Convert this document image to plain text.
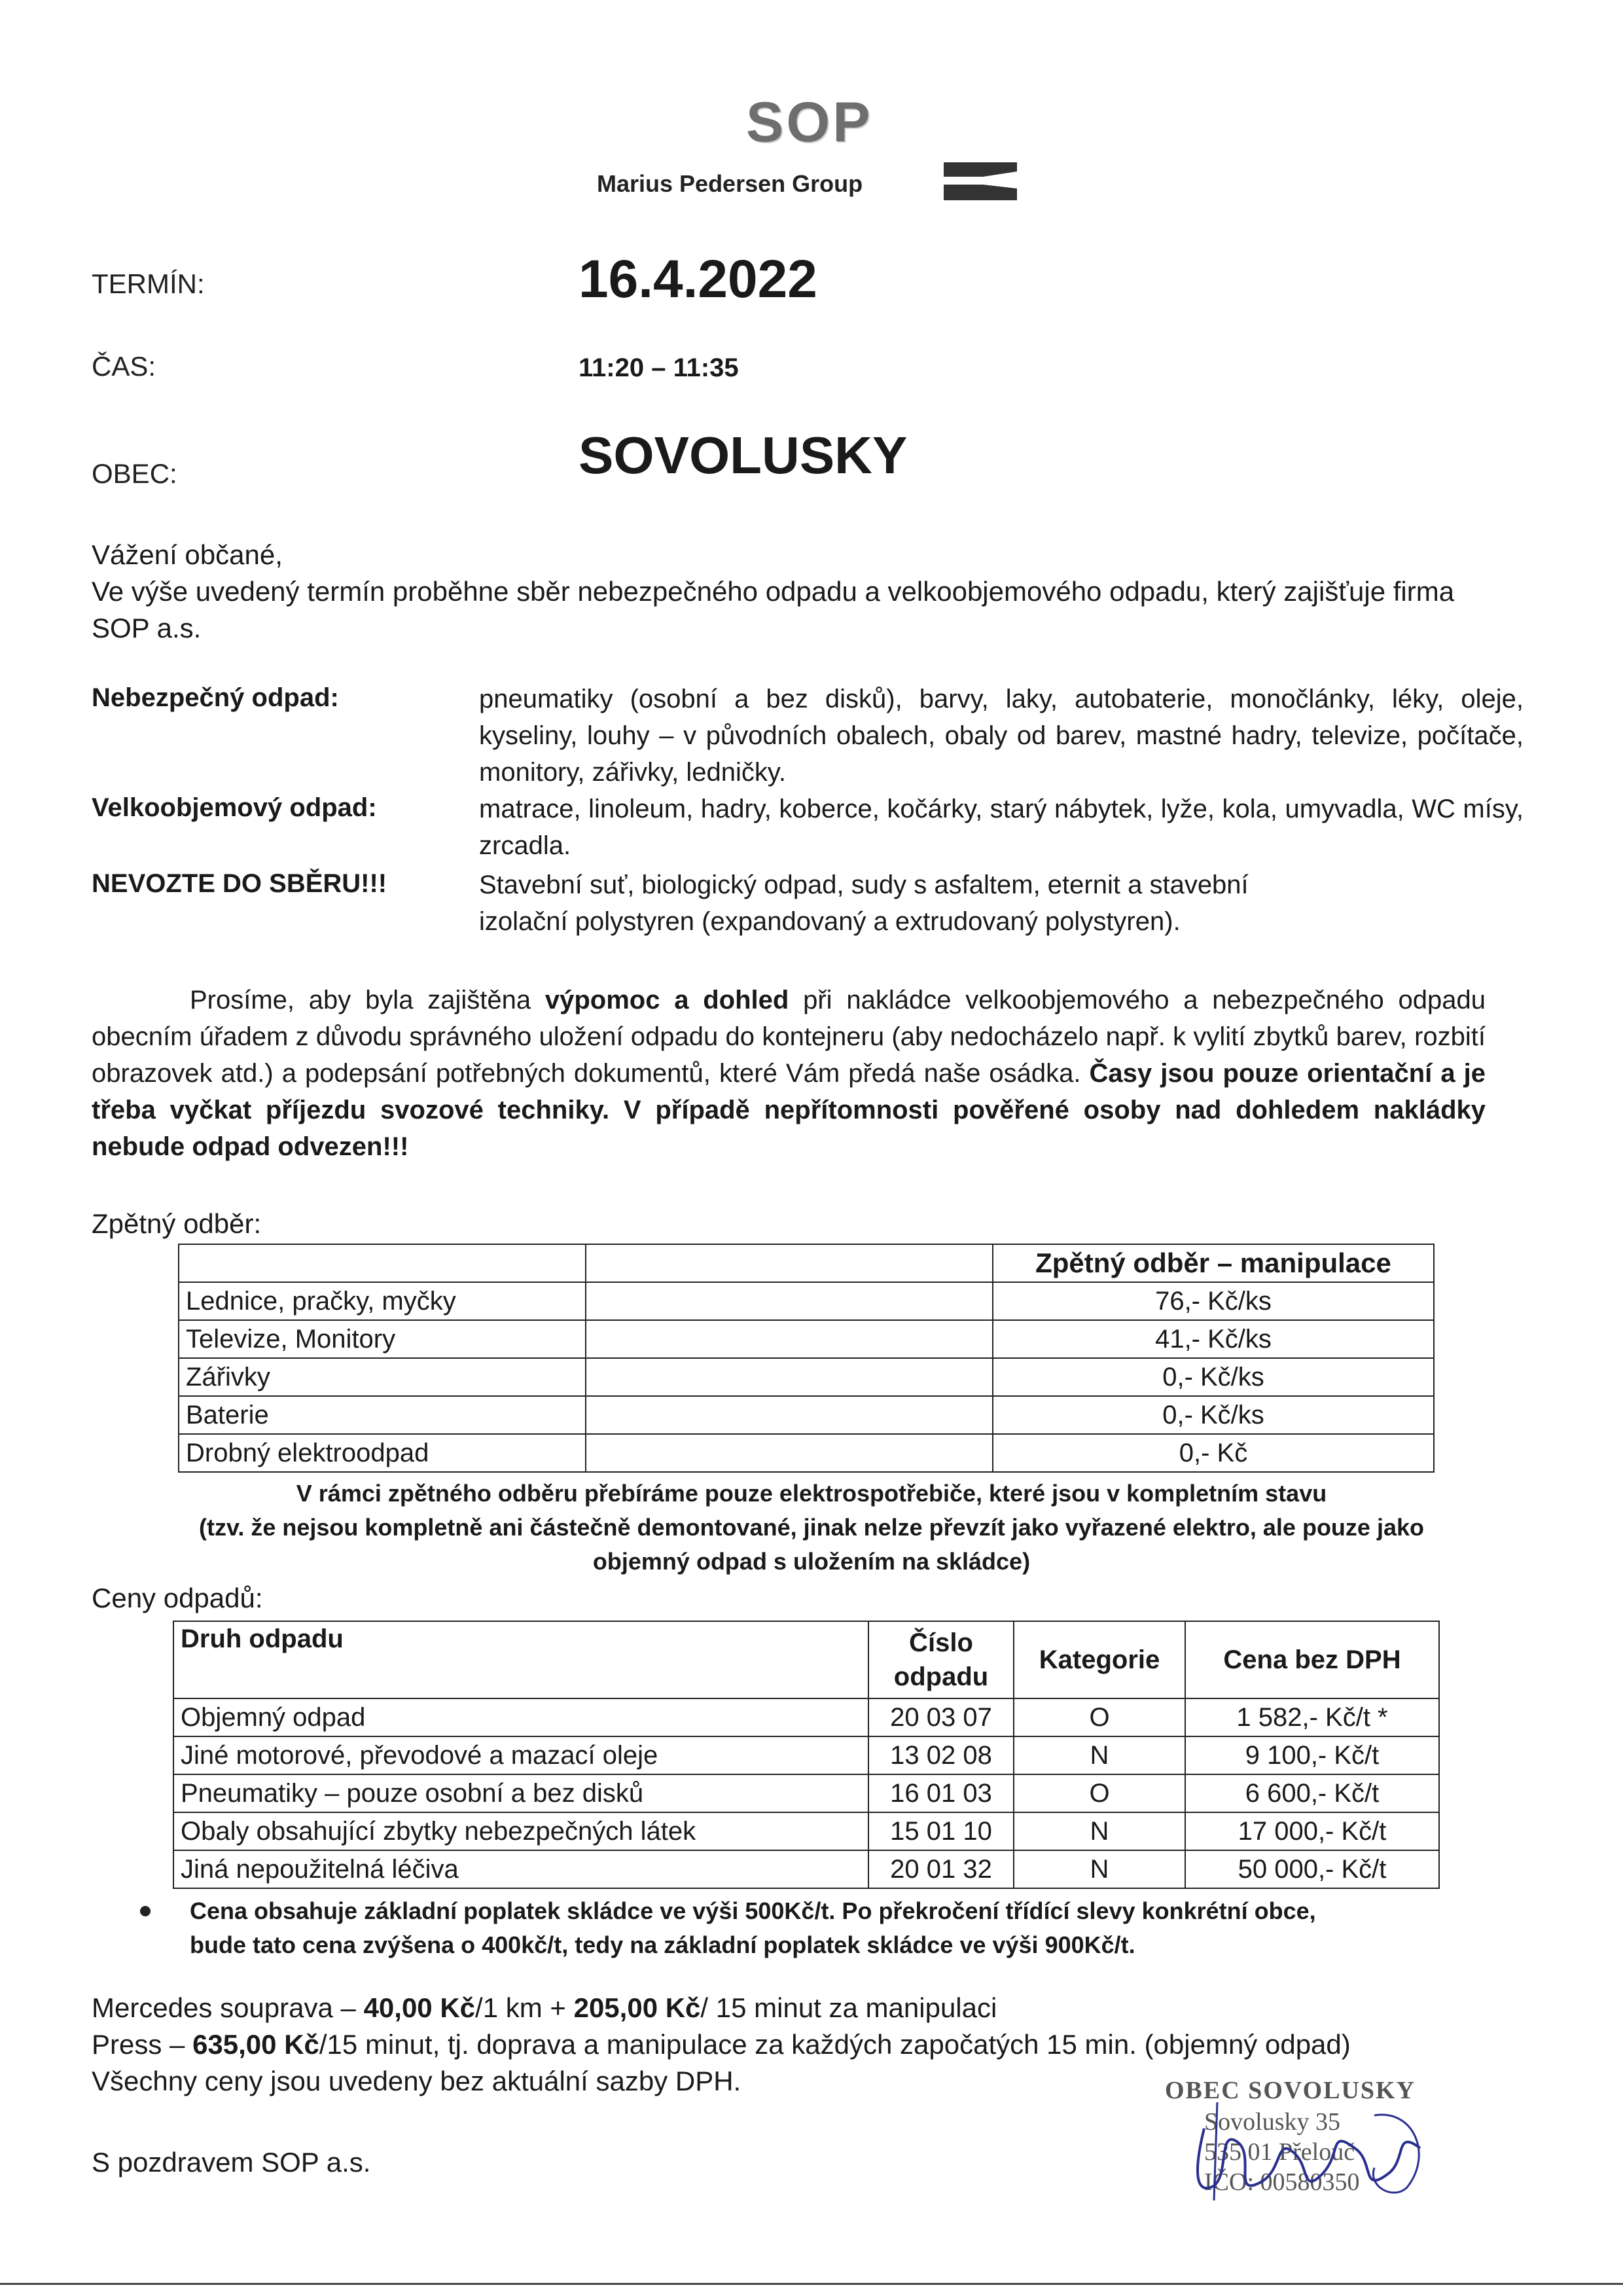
SOP
Marius Pedersen Group
TERMÍN:	16.4.2022
ČAS:	11:20 – 11:35
OBEC:	SOVOLUSKY
Vážení občané,
Ve výše uvedený termín proběhne sběr nebezpečného odpadu a velkoobjemového odpadu, který zajišťuje firma SOP a.s.
Nebezpečný odpad:	pneumatiky (osobní a bez disků), barvy, laky, autobaterie, monočlánky, léky, oleje, kyseliny, louhy – v původních obalech, obaly od barev, mastné hadry, televize, počítače, monitory, zářivky, ledničky.
Velkoobjemový odpad:	matrace, linoleum, hadry, koberce, kočárky, starý nábytek, lyže, kola, umyvadla, WC mísy, zrcadla.
NEVOZTE DO SBĚRU!!!	Stavební suť, biologický odpad, sudy s asfaltem, eternit a stavební izolační polystyren (expandovaný a extrudovaný polystyren).
Prosíme, aby byla zajištěna výpomoc a dohled při nakládce velkoobjemového a nebezpečného odpadu obecním úřadem z důvodu správného uložení odpadu do kontejneru (aby nedocházelo např. k vylití zbytků barev, rozbití obrazovek atd.) a podepsání potřebných dokumentů, které Vám předá naše osádka. Časy jsou pouze orientační a je třeba vyčkat příjezdu svozové techniky. V případě nepřítomnosti pověřené osoby nad dohledem nakládky nebude odpad odvezen!!!
Zpětný odběr:
		Zpětný odběr – manipulace
Lednice, pračky, myčky		76,- Kč/ks
Televize, Monitory		41,- Kč/ks
Zářivky		0,- Kč/ks
Baterie		0,- Kč/ks
Drobný elektroodpad		0,- Kč
V rámci zpětného odběru přebíráme pouze elektrospotřebiče, které jsou v kompletním stavu
(tzv. že nejsou kompletně ani částečně demontované, jinak nelze převzít jako vyřazené elektro, ale pouze jako
objemný odpad s uložením na skládce)
Ceny odpadů:
Druh odpadu	Číslo odpadu	Kategorie	Cena bez DPH
Objemný odpad	20 03 07	O	1 582,- Kč/t *
Jiné motorové, převodové a mazací oleje	13 02 08	N	9 100,- Kč/t
Pneumatiky – pouze osobní a bez disků	16 01 03	O	6 600,- Kč/t
Obaly obsahující zbytky nebezpečných látek	15 01 10	N	17 000,- Kč/t
Jiná nepoužitelná léčiva	20 01 32	N	50 000,- Kč/t
Cena obsahuje základní poplatek skládce ve výši 500Kč/t. Po překročení třídící slevy konkrétní obce,
bude tato cena zvýšena o 400kč/t, tedy na základní poplatek skládce ve výši 900Kč/t.
Mercedes souprava – 40,00 Kč/1 km + 205,00 Kč/ 15 minut za manipulaci
Press – 635,00 Kč/15 minut, tj. doprava a manipulace za každých započatých 15 min. (objemný odpad)
Všechny ceny jsou uvedeny bez aktuální sazby DPH.
S pozdravem SOP a.s.
OBEC SOVOLUSKY
Sovolusky 35
535 01 Přelouč
IČO: 00580350
